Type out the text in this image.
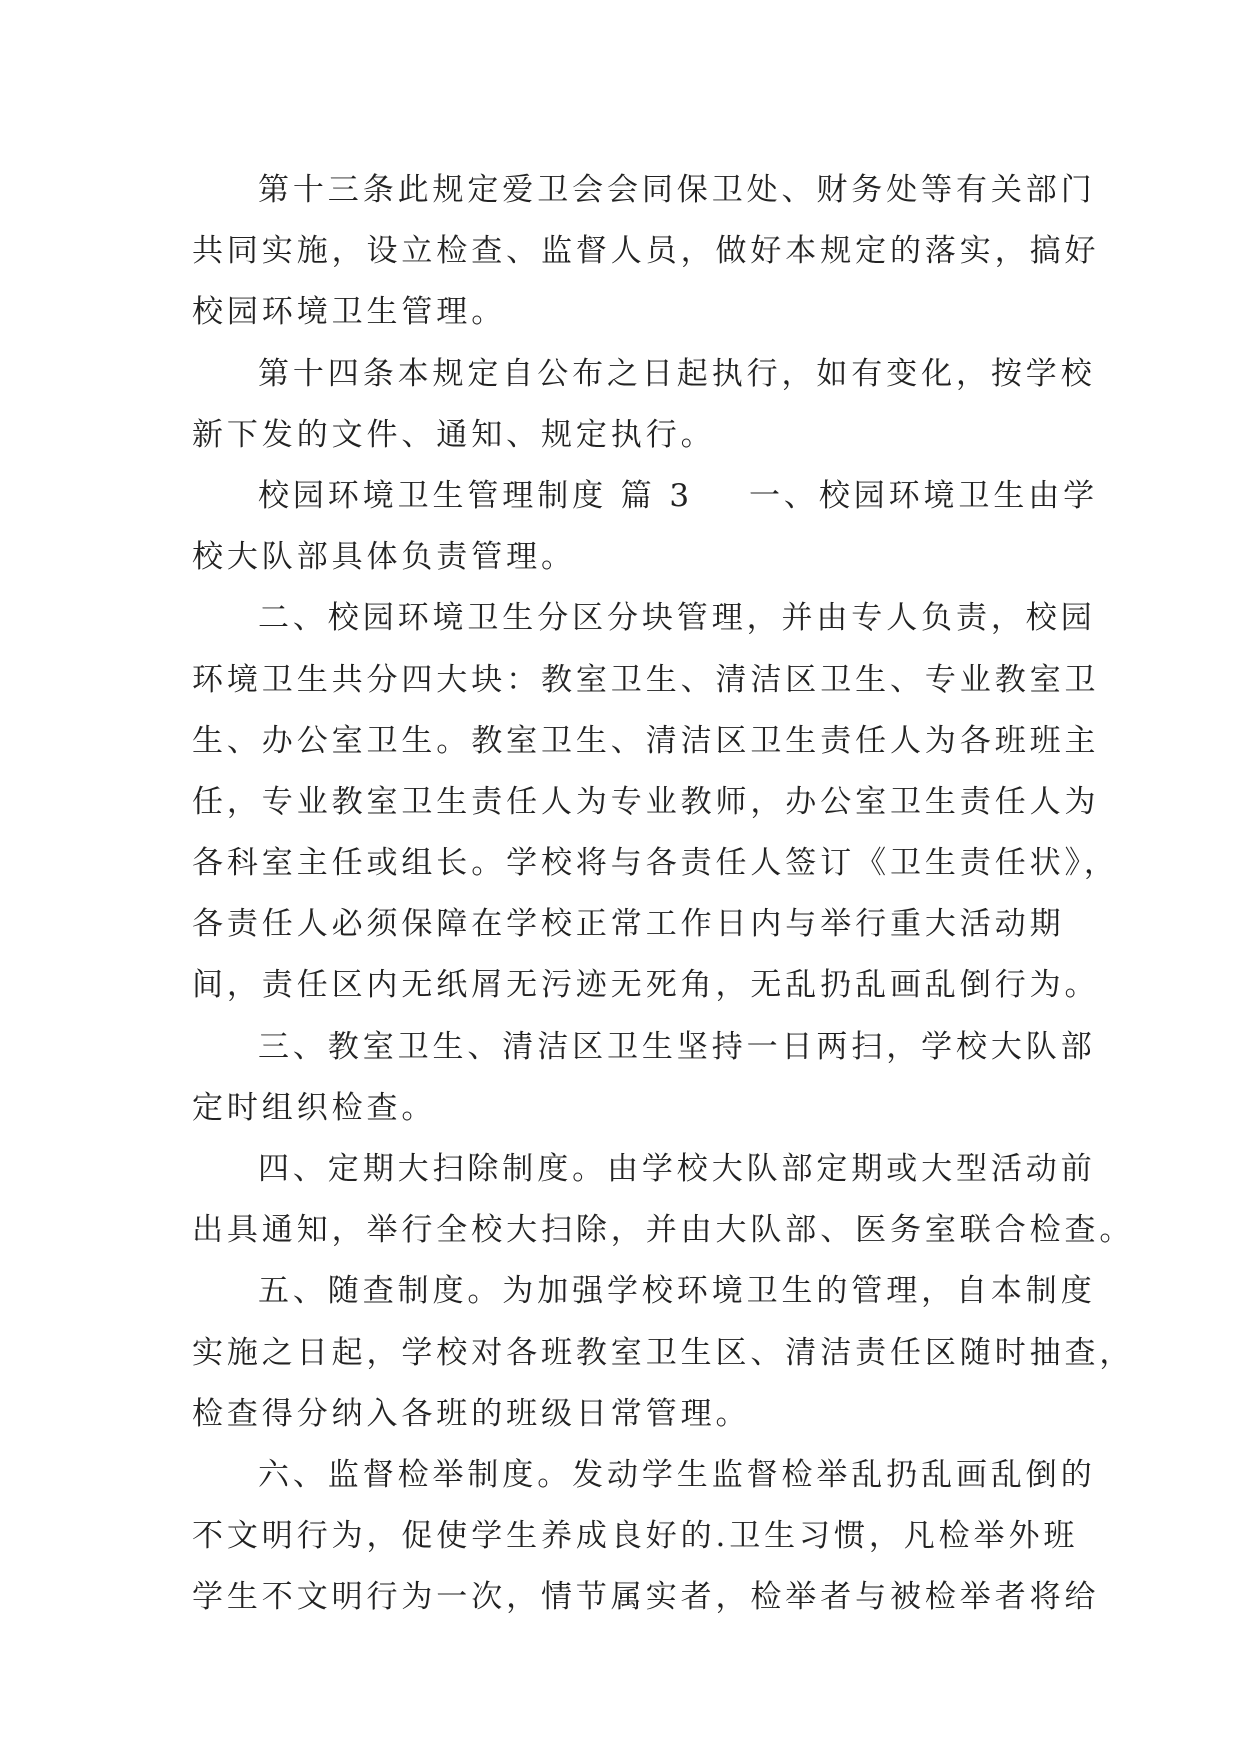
第十三条此规定爱卫会会同保卫处、财务处等有关部门
共同实施，设立检查、监督人员，做好本规定的落实，搞好
校园环境卫生管理。
第十四条本规定自公布之日起执行，如有变化，按学校
新下发的文件、通知、规定执行。
校园环境卫生管理制度 篇 3 一、校园环境卫生由学
校大队部具体负责管理。
二、校园环境卫生分区分块管理，并由专人负责，校园
环境卫生共分四大块：教室卫生、清洁区卫生、专业教室卫
生、办公室卫生。教室卫生、清洁区卫生责任人为各班班主
任，专业教室卫生责任人为专业教师，办公室卫生责任人为
各科室主任或组长。学校将与各责任人签订《卫生责任状》，
各责任人必须保障在学校正常工作日内与举行重大活动期
间，责任区内无纸屑无污迹无死角，无乱扔乱画乱倒行为。
三、教室卫生、清洁区卫生坚持一日两扫，学校大队部
定时组织检查。
四、定期大扫除制度。由学校大队部定期或大型活动前
出具通知，举行全校大扫除，并由大队部、医务室联合检查。
五、随查制度。为加强学校环境卫生的管理，自本制度
实施之日起，学校对各班教室卫生区、清洁责任区随时抽查，
检查得分纳入各班的班级日常管理。
六、监督检举制度。发动学生监督检举乱扔乱画乱倒的
不文明行为，促使学生养成良好的.卫生习惯，凡检举外班
学生不文明行为一次，情节属实者，检举者与被检举者将给
